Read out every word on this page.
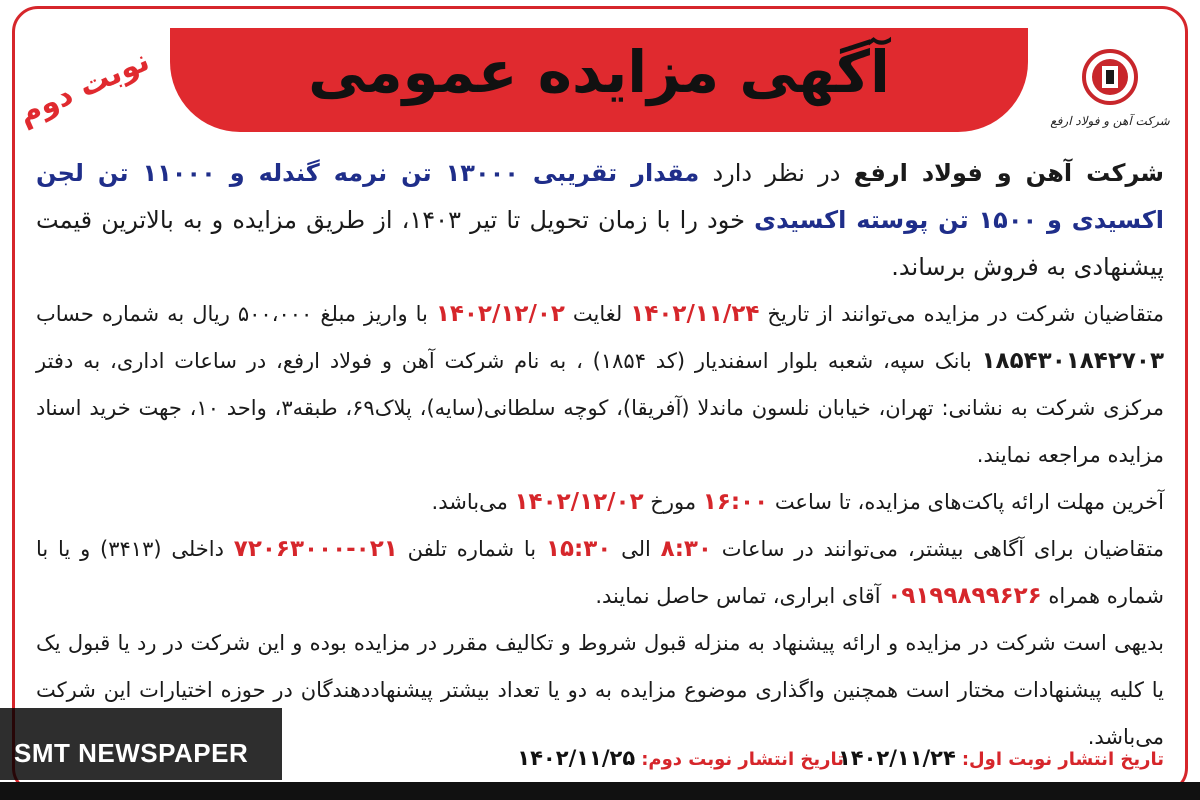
آگهی مزایده عمومی
نوبت دوم	شرکت آهن و فولاد ارفع

شرکت آهن و فولاد ارفع در نظر دارد مقدار تقریبی ۱۳۰۰۰ تن نرمه گندله و ۱۱۰۰۰ تن لجن اکسیدی و ۱۵۰۰ تن پوسته اکسیدی خود را با زمان تحویل تا تیر ۱۴۰۳، از طریق مزایده و به بالاترین قیمت پیشنهادی به فروش برساند.

متقاضیان شرکت در مزایده می‌توانند از تاریخ ۱۴۰۲/۱۱/۲۴ لغایت ۱۴۰۲/۱۲/۰۲ با واریز مبلغ ۵۰۰،۰۰۰ ریال به شماره حساب ۱۸۵۴۳۰۱۸۴۲۷۰۳ بانک سپه، شعبه بلوار اسفندیار (کد ۱۸۵۴) ، به نام شرکت آهن و فولاد ارفع، در ساعات اداری، به دفتر مرکزی شرکت به نشانی: تهران، خیابان نلسون ماندلا (آفریقا)، کوچه سلطانی(سایه)، پلاک۶۹، طبقه۳، واحد ۱۰، جهت خرید اسناد مزایده مراجعه نمایند.

آخرین مهلت ارائه پاکت‌های مزایده، تا ساعت ۱۶:۰۰ مورخ ۱۴۰۲/۱۲/۰۲ می‌باشد.

متقاضیان برای آگاهی بیشتر، می‌توانند در ساعات ۸:۳۰ الی ۱۵:۳۰ با شماره تلفن ۰۲۱-۷۲۰۶۳۰۰۰ داخلی (۳۴۱۳) و یا با شماره همراه ۰۹۱۹۹۸۹۹۶۲۶ آقای ابراری، تماس حاصل نمایند.

بدیهی است شرکت در مزایده و ارائه پیشنهاد به منزله قبول شروط و تکالیف مقرر در مزایده بوده و این شرکت در رد یا قبول یک یا کلیه پیشنهادات مختار است همچنین واگذاری موضوع مزایده به دو یا تعداد بیشتر پیشنهاددهندگان در حوزه اختیارات این شرکت می‌باشد.

تاریخ انتشار نوبت اول:۱۴۰۲/۱۱/۲۴
تاریخ انتشار نوبت دوم:۱۴۰۲/۱۱/۲۵
SMT NEWSPAPER
